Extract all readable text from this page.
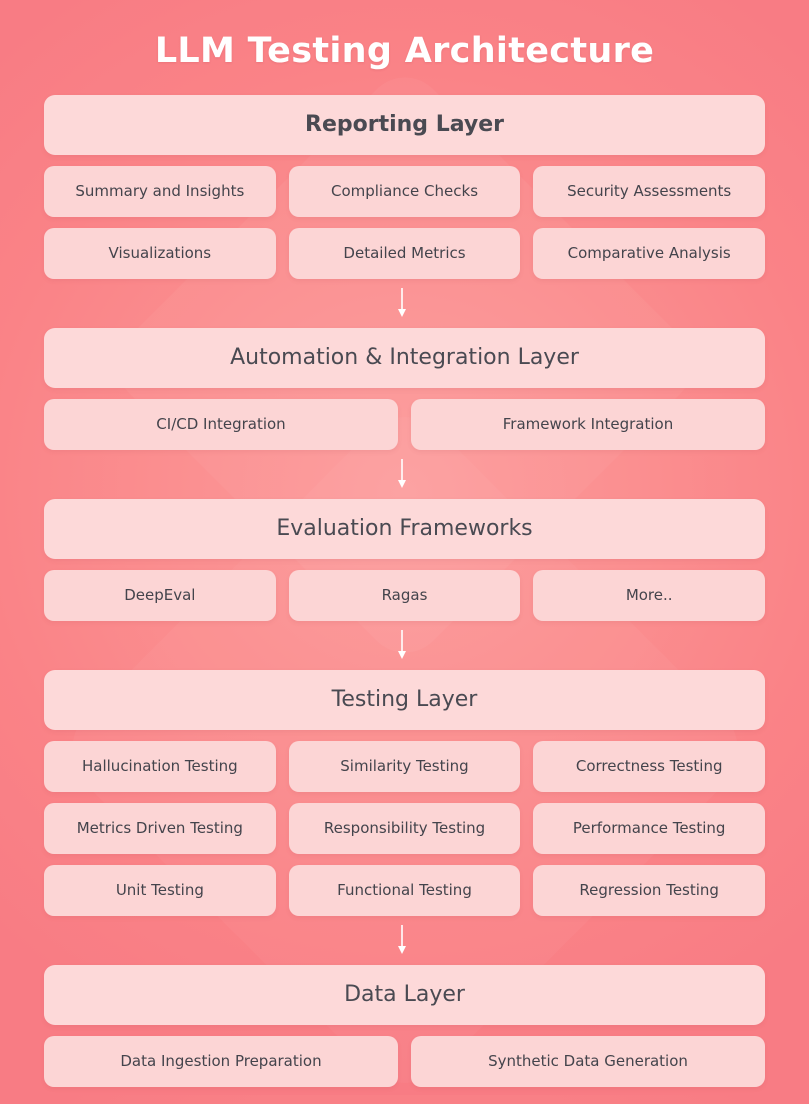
LLM Testing Architecture
Reporting Layer
Summary and Insights	Compliance Checks	Security Assessments
Visualizations	Detailed Metrics	Comparative Analysis
Automation & Integration Layer
CI/CD Integration	Framework Integration
Evaluation Frameworks
DeepEval	Ragas	More..
Testing Layer
Hallucination Testing	Similarity Testing	Correctness Testing
Metrics Driven Testing	Responsibility Testing	Performance Testing
Unit Testing	Functional Testing	Regression Testing
Data Layer
Data Ingestion Preparation	Synthetic Data Generation
